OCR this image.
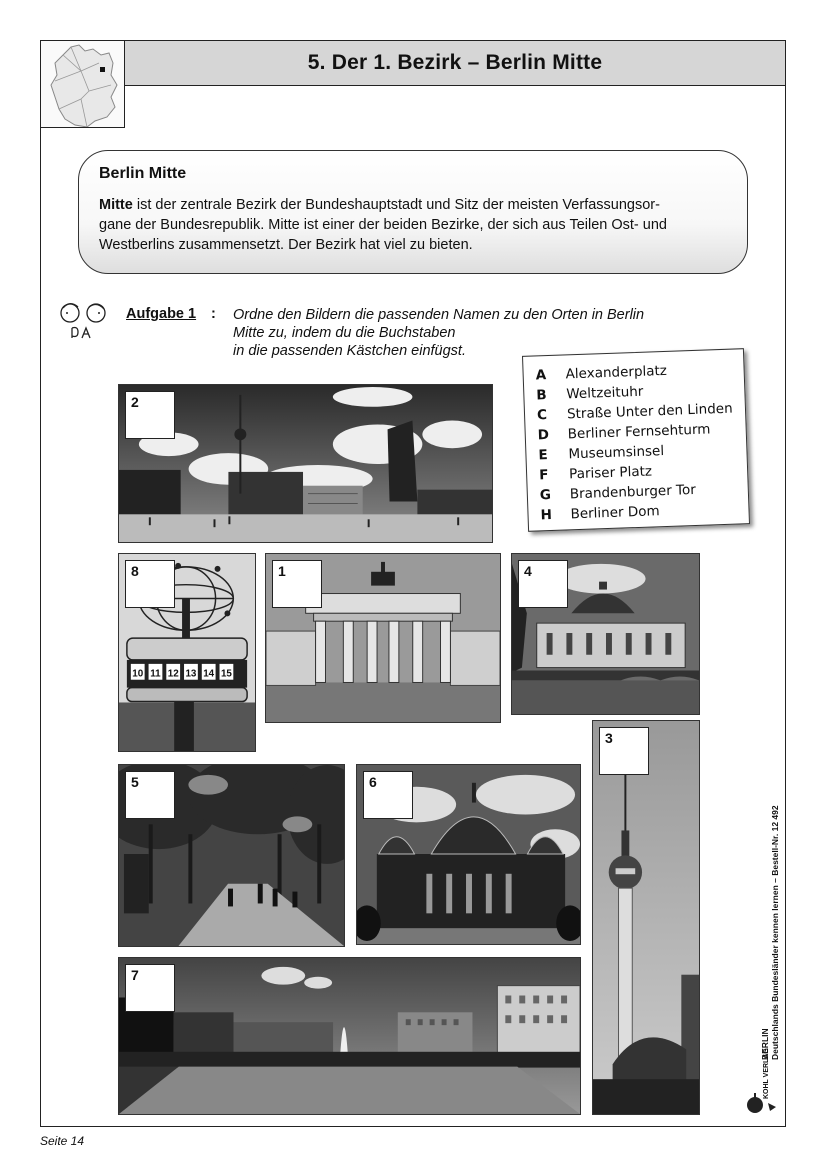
5. Der 1. Bezirk – Berlin Mitte
Berlin Mitte

Mitte ist der zentrale Bezirk der Bundeshauptstadt und Sitz der meisten Verfassungsor-
gane der Bundesrepublik. Mitte ist einer der beiden Bezirke, der sich aus Teilen Ost- und
Westberlins zusammensetzt. Der Bezirk hat viel zu bieten.

Aufgabe 1 : Ordne den Bildern die passenden Namen zu den Orten in Berlin
Mitte zu, indem du die Buchstaben
in die passenden Kästchen einfügst.
A	Alexanderplatz
B	Weltzeituhr
C	Straße Unter den Linden
D	Berliner Fernsehturm
E	Museumsinsel
F	Pariser Platz
G	Brandenburger Tor
H	Berliner Dom
2
10 11 12 13 14 15
8	1	4
3
5	6
7
BERLIN Deutschlands Bundesländer kennen lernen – Bestell-Nr. 12 492
KOHL VERLAG
Seite 14
